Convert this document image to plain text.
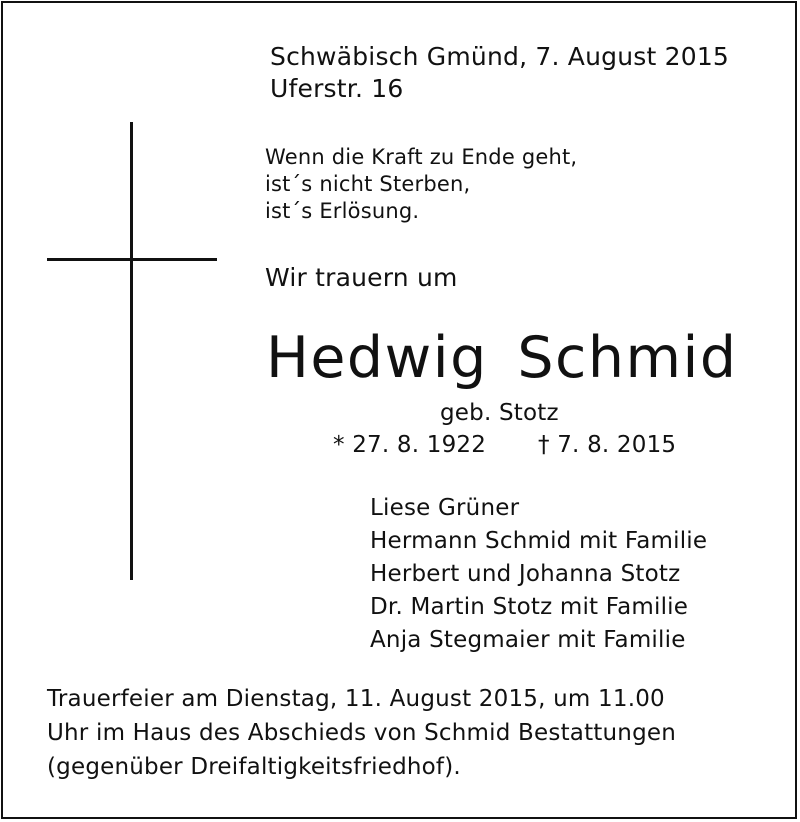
Schwäbisch Gmünd, 7. August 2015
Uferstr. 16
Wenn die Kraft zu Ende geht,
ist´s nicht Sterben,
ist´s Erlösung.
Wir trauern um
Hedwig Schmid
geb. Stotz
* 27. 8. 1922 † 7. 8. 2015
Liese Grüner
Hermann Schmid mit Familie
Herbert und Johanna Stotz
Dr. Martin Stotz mit Familie
Anja Stegmaier mit Familie
Trauerfeier am Dienstag, 11. August 2015, um 11.00
Uhr im Haus des Abschieds von Schmid Bestattungen
(gegenüber Dreifaltigkeitsfriedhof).
